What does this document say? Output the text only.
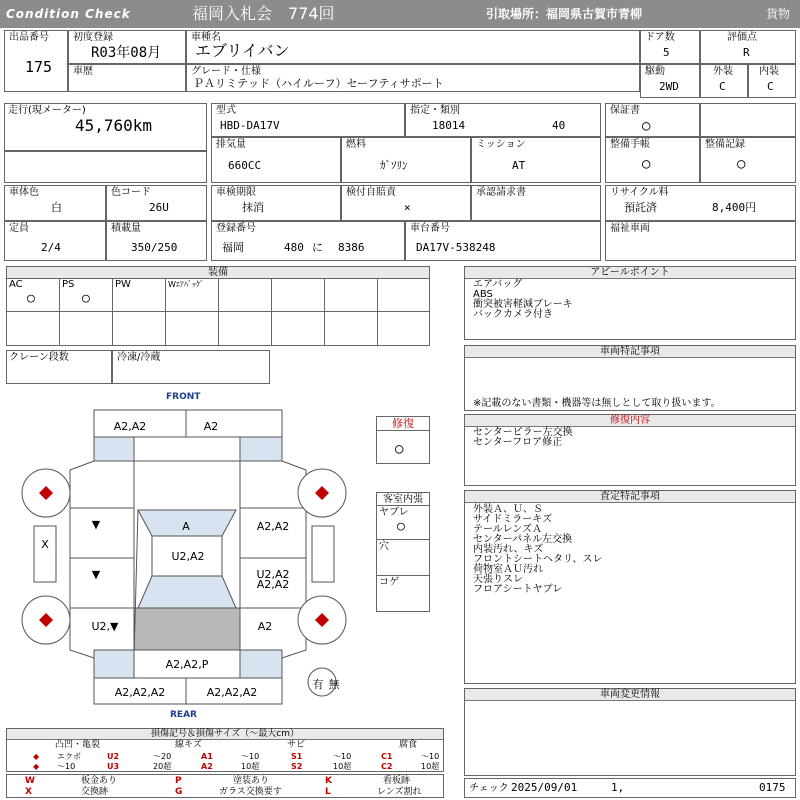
Condition Check	福岡入札会　774回	引取場所：福岡県古賀市青柳	貨物
出品番号
175
初度登録
R03年08月
車歴
車種名
エブリイバン
グレード・仕様
ＰＡリミテッド（ハイルーフ）セーフティサポート
ドア数
5
評価点
R
駆動
2WD
外装
C
内装
C
走行(現メーター)
45,760km
型式
HBD-DA17V
指定・類別
18014	40
保証書
○
排気量
660CC
燃料
ｶﾞｿﾘﾝ
ミッション
AT
整備手帳
○
整備記録
○
車体色
白
色コード
26U
車検期限
抹消
検付自賠責
×
承認請求書	リサイクル料
預託済	8,400円
定員
2/4
積載量
350/250
登録番号
福岡	480 に 8386
車台番号
DA17V-538248
福祉車両
装備
AC
○
PS
○
PW	Wｴｱﾊﾞｯｸﾞ
クレーン段数	冷凍/冷蔵
アピールポイント
エアバッグ
ABS
衝突被害軽減ブレーキ
バックカメラ付き
車両特記事項
※記載のない書類・機器等は無しとして取り扱います。
修復内容
センターピラー左交換
センターフロア修正
査定特記事項
外装Ａ、Ｕ、Ｓ
サイドミラーキズ
テールレンズＡ
センターパネル左交換
内装汚れ、キズ
フロントシートヘタリ、スレ
荷物室ＡＵ汚れ
天張りスレ
フロアシートヤブレ
車両変更情報
修復
○
客室内張
ヤブレ
○
穴
コゲ
FRONT
REAR
A2,A2	A2
A
U2,A2
▼
▼
U2,▼
A2,A2
U2,A2
A2,A2
A2
A2,A2,P
A2,A2,A2	A2,A2,A2
X
有 無
損傷記号＆損傷サイズ（〜最大cm）
凸凹・亀裂	線キズ	サビ	腐食
エクボ	U2	〜20	A1	〜10	S1	〜10	C1	〜10
〜10	U3	20超	A2	10超	S2	10超	C2	10超
◆
◆
W	板金あり	P	塗装あり	K	看板跡
X	交換跡	G	ガラス交換要す	L	レンズ割れ	チェック 2025/09/01	1,	0175
